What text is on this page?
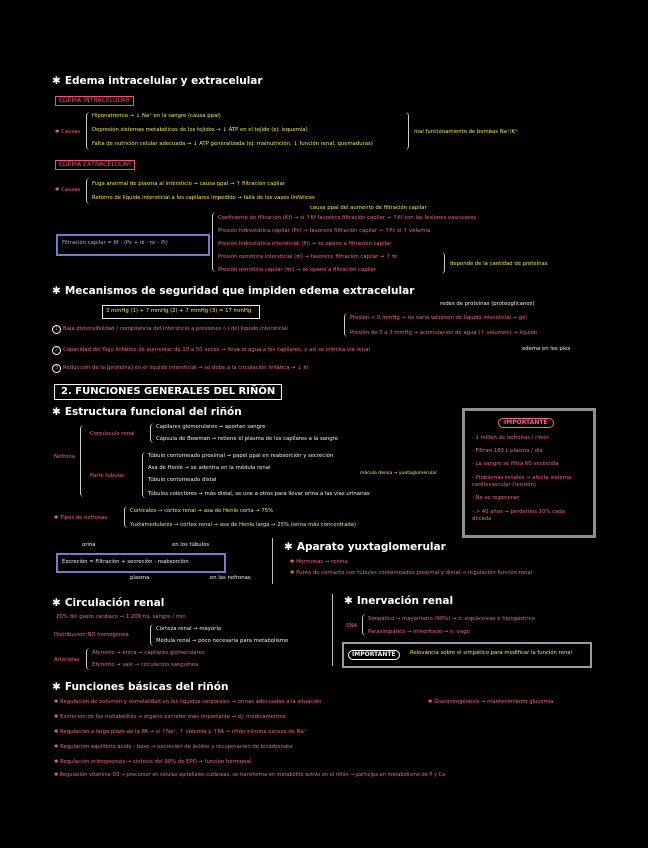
✱ Edema intracelular y extracelular
EDEMA INTRACELULAR
✱ Causas
Hiponatremia → ↓ Na⁺ en la sangre (causa ppal)
Depresión sistemas metabólicos de los tejidos → ↓ ATP en el tejido (ej: isquemia)
Falta de nutrición celular adecuada → ↓ ATP generalizada (ej: malnutrición, ↓ función renal, quemaduras)
mal funcionamiento de bombas Na⁺/K⁺
EDEMA EXTRACELULAR
✱ Causas
Fuga anormal de plasma al intersticio → causa ppal → ↑ filtración capilar
Retorno de líquido intersticial a los capilares impedido → falla de los vasos linfáticos
Filtración capilar = Kf · (Pc + πi - πc - Pi)
causa ppal del aumento de filtración capilar
Coeficiente de filtración (Kf) → si ↑Kf favorece filtración capilar → ↑Kf con las lesiones vasculares
Presión hidrostática capilar (Pc) → favorece filtración capilar → ↑Pc si ↑ volemia
Presión hidrostática intersticial (Pi) → se opone a filtración capilar
Presión osmótica intersticial (πi) → favorece filtración capilar → ↑ πi
Presión osmótica capilar (πc) → se opone a filtración capilar
depende de la cantidad de proteínas
✱ Mecanismos de seguridad que impiden edema extracelular
redes de proteínas (proteoglicanos)
3 mmHg (1) + 7 mmHg (2) + 7 mmHg (3) = 17 mmHg
1 Baja distensibilidad / compliancia del intersticio a presiones (-) del líquido intersticial
Presión < 0 mmHg → no varía volumen de líquido intersticial → gel
Presión de 0 a 3 mmHg → acumulación de agua (↑ volumen) → líquido
edema en los pies
2 Capacidad del flujo linfático de aumentar de 10 a 50 veces → lleva el agua a los capilares, y así se elimina vía renal
3 Reducción de la [proteína] en el líquido intersticial → se debe a la circulación linfática → ↓ πi
2. FUNCIONES GENERALES DEL RIÑÓN
✱ Estructura funcional del riñón
Nefrona
Corpúsculo renal
Capilares glomerulares → aportan sangre
Cápsula de Bowman → retiene el plasma de los capilares a la sangre
Parte tubular
Túbulo contorneado proximal → papel ppal en reabsorción y secreción
Asa de Henle → se adentra en la médula renal
Túbulo contorneado distal
Túbulos colectores → más distal, se une a otros para llevar orina a las vías urinarias
mácula densa → yuxtaglomerular
✱ Tipos de nefronas
Corticales → córtex renal → asa de Henle corta → 75%
Yuxtamedulares → córtex renal → asa de Henle larga → 25% (orina más concentrada)
IMPORTANTE
- 1 millón de nefronas / riñón
- Filtran 180 L plasma / día
- La sangre se filtra 60 veces/día
- Problemas renales → afecta sistema cardiovascular (tensión)
- No se regeneran
- > 40 años → perdemos 10% cada década
orina	en los túbulos
Excreción = Filtración + secreción - reabsorción
plasma	en las nefronas
✱ Aparato yuxtaglomerular
✱ Hormonas → renina
✱ Punto de contacto con túbulos contorneados proximal y distal → regulación función renal
✱ Circulación renal
20% del gasto cardíaco → 1.200 mL sangre / min
Distribución NO homogénea
Corteza renal → mayoría
Médula renal → poco necesaria para metabolismo
Arteriolas
Aferente → entra → capilares glomerulares
Eferente → sale → circulación sanguínea
✱ Inervación renal
SNA
Simpático → mayoritario (90%) → n. esplácnicos e hipogástrico
Parasimpático → minoritario → n. vago
IMPORTANTE	Relevancia sobre el simpático para modificar la función renal
✱ Funciones básicas del riñón
✱ Regulación de volumen y osmolalidad en los líquidos corporales → orinas adecuadas a la situación	✱ Gluconeogénesis → mantenimiento glucemia
✱ Excreción de los metabolitos → órgano excretor más importante → ej: medicamentos
✱ Regulación a largo plazo de la PA → si ↑Na⁺, ↑ volemia y ↑PA → riñón elimina exceso de Na⁺
✱ Regulación equilibrio ácido - base → excreción de ácidos y recuperación de bicarbonato
✱ Regulación eritropoyesis → síntesis del 90% de EPO → función hormonal
✱ Regulación vitamina D3 → precursor en células epiteliales cutáneas, se transforma en metabolito activo en el riñón → participa en metabolismo de P y Ca
